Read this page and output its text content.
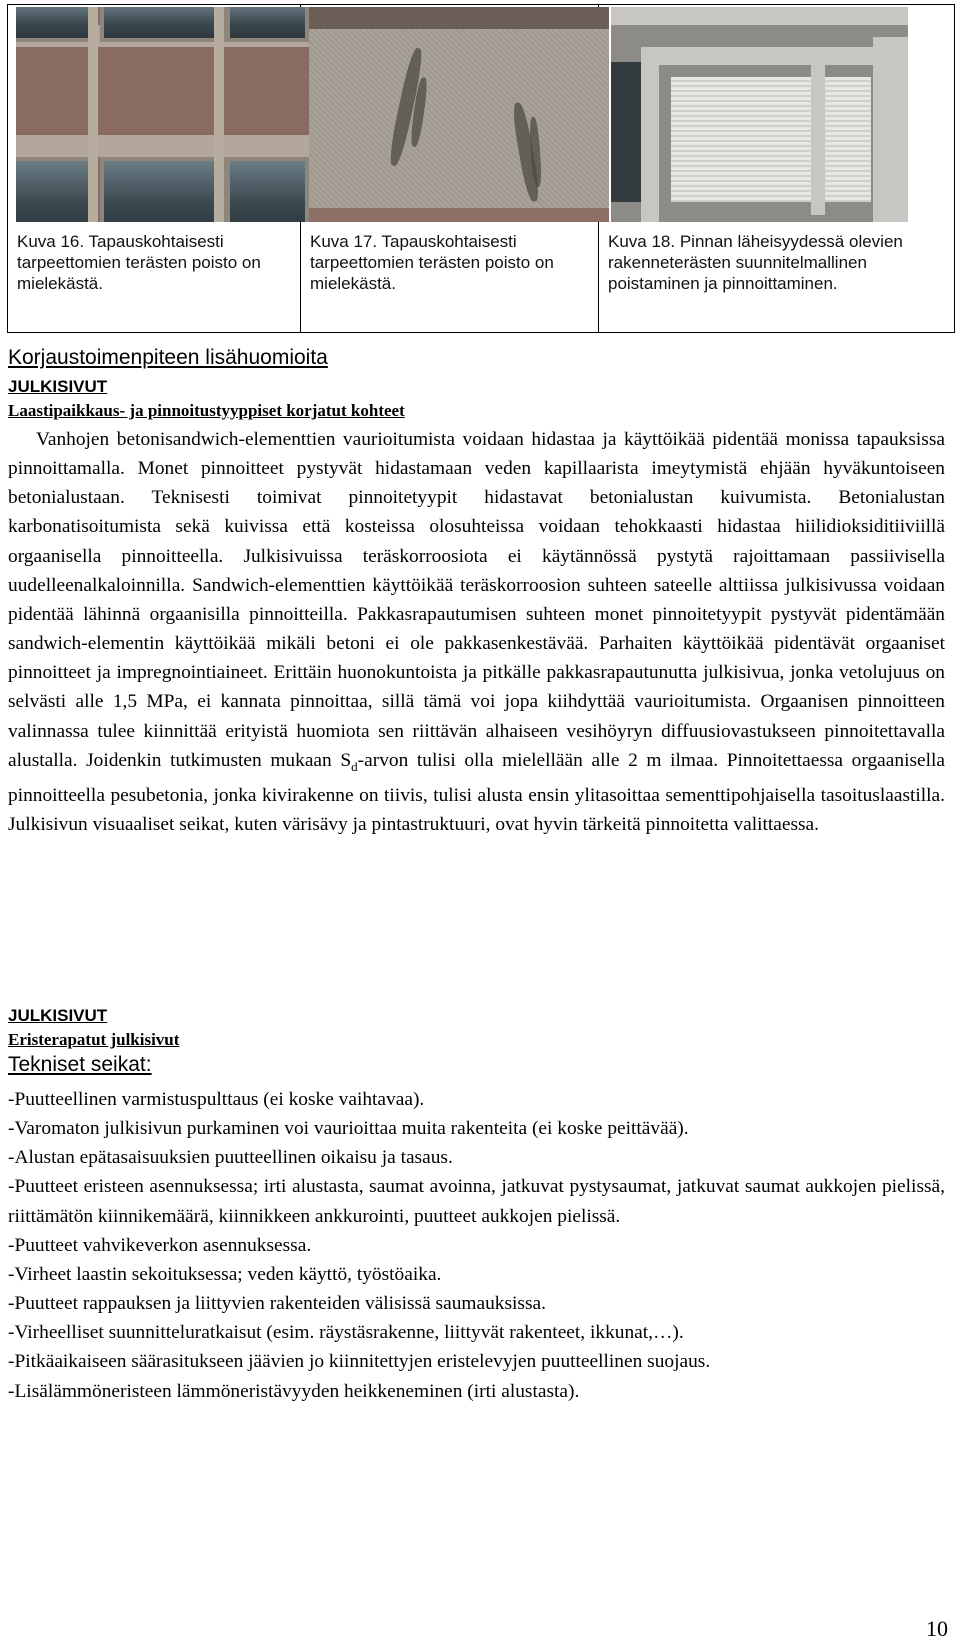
Kuva 16. Tapauskohtaisesti tarpeettomien terästen poisto on mielekästä.

Kuva 17. Tapauskohtaisesti tarpeettomien terästen poisto on mielekästä.

Kuva 18. Pinnan läheisyydessä olevien rakenneterästen suunnitelmallinen poistaminen ja pinnoittaminen.
Korjaustoimenpiteen lisähuomioita
JULKISIVUT
Laastipaikkaus- ja pinnoitustyyppiset korjatut kohteet
Vanhojen betonisandwich-elementtien vaurioitumista voidaan hidastaa ja käyttöikää pidentää monissa tapauksissa pinnoittamalla. Monet pinnoitteet pystyvät hidastamaan veden kapillaarista imeytymistä ehjään hyväkuntoiseen betonialustaan. Teknisesti toimivat pinnoitetyypit hidastavat betonialustan kuivumista. Betonialustan karbonatisoitumista sekä kuivissa että kosteissa olosuhteissa voidaan tehokkaasti hidastaa hiilidioksiditiiviillä orgaanisella pinnoitteella. Julkisivuissa teräskorroosiota ei käytännössä pystytä rajoittamaan passiivisella uudelleenalkaloinnilla. Sandwich-elementtien käyttöikää teräskorroosion suhteen sateelle alttiissa julkisivussa voidaan pidentää lähinnä orgaanisilla pinnoitteilla. Pakkasrapautumisen suhteen monet pinnoitetyypit pystyvät pidentämään sandwich-elementin käyttöikää mikäli betoni ei ole pakkasenkestävää. Parhaiten käyttöikää pidentävät orgaaniset pinnoitteet ja impregnointiaineet. Erittäin huonokuntoista ja pitkälle pakkasrapautunutta julkisivua, jonka vetolujuus on selvästi alle 1,5 MPa, ei kannata pinnoittaa, sillä tämä voi jopa kiihdyttää vaurioitumista. Orgaanisen pinnoitteen valinnassa tulee kiinnittää erityistä huomiota sen riittävän alhaiseen vesihöyryn diffuusiovastukseen pinnoitettavalla alustalla. Joidenkin tutkimusten mukaan $S_d$-arvon tulisi olla mielellään alle 2 m ilmaa. Pinnoitettaessa orgaanisella pinnoitteella pesubetonia, jonka kivirakenne on tiivis, tulisi alusta ensin ylitasoittaa sementtipohjaisella tasoituslaastilla. Julkisivun visuaaliset seikat, kuten värisävy ja pintastruktuuri, ovat hyvin tärkeitä pinnoitetta valittaessa.
JULKISIVUT
Eristerapatut julkisivut
Tekniset seikat:
-Puutteellinen varmistuspulttaus (ei koske vaihtavaa).
-Varomaton julkisivun purkaminen voi vaurioittaa muita rakenteita (ei koske peittävää).
-Alustan epätasaisuuksien puutteellinen oikaisu ja tasaus.
-Puutteet eristeen asennuksessa; irti alustasta, saumat avoinna, jatkuvat pystysaumat, jatkuvat saumat aukkojen pielissä, riittämätön kiinnikemäärä, kiinnikkeen ankkurointi, puutteet aukkojen pielissä.
-Puutteet vahvikeverkon asennuksessa.
-Virheet laastin sekoituksessa; veden käyttö, työstöaika.
-Puutteet rappauksen ja liittyvien rakenteiden välisissä saumauksissa.
-Virheelliset suunnitteluratkaisut (esim. räystäsrakenne, liittyvät rakenteet, ikkunat,…).
-Pitkäaikaiseen säärasitukseen jäävien jo kiinnitettyjen eristelevyjen puutteellinen suojaus.
-Lisälämmöneristeen lämmöneristävyyden heikkeneminen (irti alustasta).
10
